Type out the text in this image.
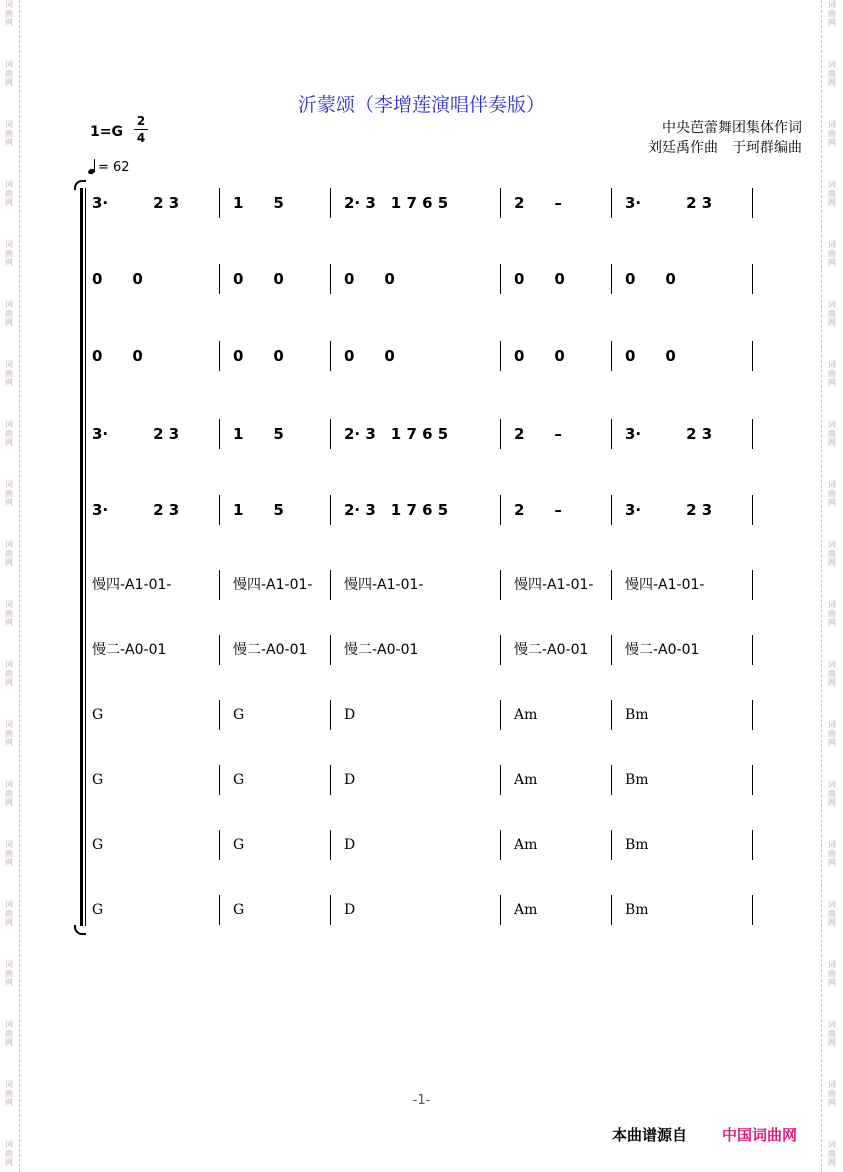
词曲网
词曲网
词曲网
词曲网
词曲网
词曲网
词曲网
词曲网
词曲网
词曲网
词曲网
词曲网
词曲网
词曲网
词曲网
词曲网
词曲网
词曲网
词曲网
词曲网
词曲网
词曲网
词曲网
词曲网
词曲网
词曲网
词曲网
词曲网
词曲网
词曲网
词曲网
词曲网
词曲网
词曲网
词曲网
词曲网
词曲网
词曲网
词曲网
词曲网
沂蒙颂（李增莲演唱伴奏版）
中央芭蕾舞团集体作词
刘廷禹作曲　于珂群编曲
1=G
2
4
= 62
3·　　　2 3	1　　5	2· 3　1 7 6 5	2　　–	3·　　　2 3
0　　0	0　　0	0　　0	0　　0	0　　0
0　　0	0　　0	0　　0	0　　0	0　　0
3·　　　2 3	1　　5	2· 3　1 7 6 5	2　　–	3·　　　2 3
3·　　　2 3	1　　5	2· 3　1 7 6 5	2　　–	3·　　　2 3
慢四-A1-01-	慢四-A1-01- 慢四-A1-01-	慢四-A1-01- 慢四-A1-01-
慢二-A0-01	慢二-A0-01	慢二-A0-01	慢二-A0-01	慢二-A0-01
G	G	D	Am	Bm
G	G	D	Am	Bm
G	G	D	Am	Bm
G	G	D	Am	Bm
-1-
本曲谱源自 中国词曲网
